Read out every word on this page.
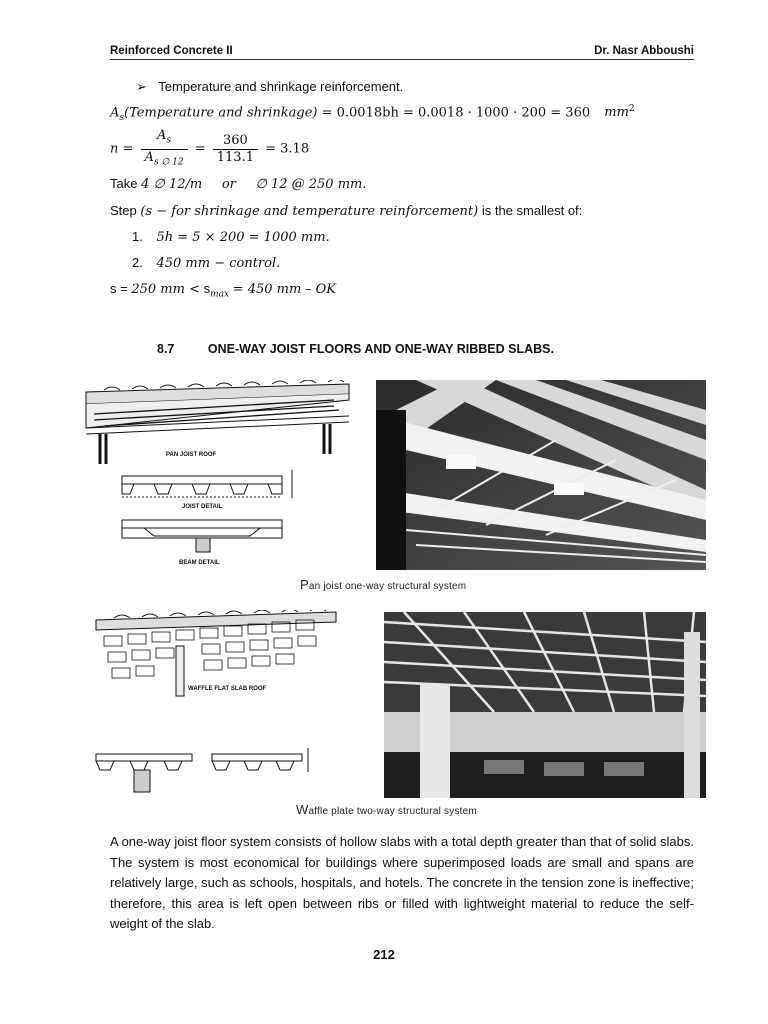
Reinforced Concrete II	Dr. Nasr Abboushi
➢ Temperature and shrinkage reinforcement.
$A_s(Temperature$ and shrinkage) = 0.0018bh = 0.0018 · 1000 · 200 = 360 $mm^2$
$n = \frac{A_s}{A_{s \emptyset 12}} = \frac{360}{113.1} = 3.18$
Take 4 ∅ 12/m or ∅ 12 @ 250 mm.
Step (s − for shrinkage and temperature reinforcement) is the smallest of:
1. 5h = 5 × 200 = 1000 mm.
2. 450 mm − control.
s = 250 mm < $s_{max} = 450$ mm – OK
8.7	ONE-WAY JOIST FLOORS AND ONE-WAY RIBBED SLABS.
PAN JOIST ROOF
JOIST DETAIL
BEAM DETAIL
Pan joist one-way structural system
WAFFLE FLAT SLAB ROOF
Waffle plate two-way structural system
A one-way joist floor system consists of hollow slabs with a total depth greater than that of solid slabs. The system is most economical for buildings where superimposed loads are small and spans are relatively large, such as schools, hospitals, and hotels. The concrete in the tension zone is ineffective; therefore, this area is left open between ribs or filled with lightweight material to reduce the self-weight of the slab.
212
